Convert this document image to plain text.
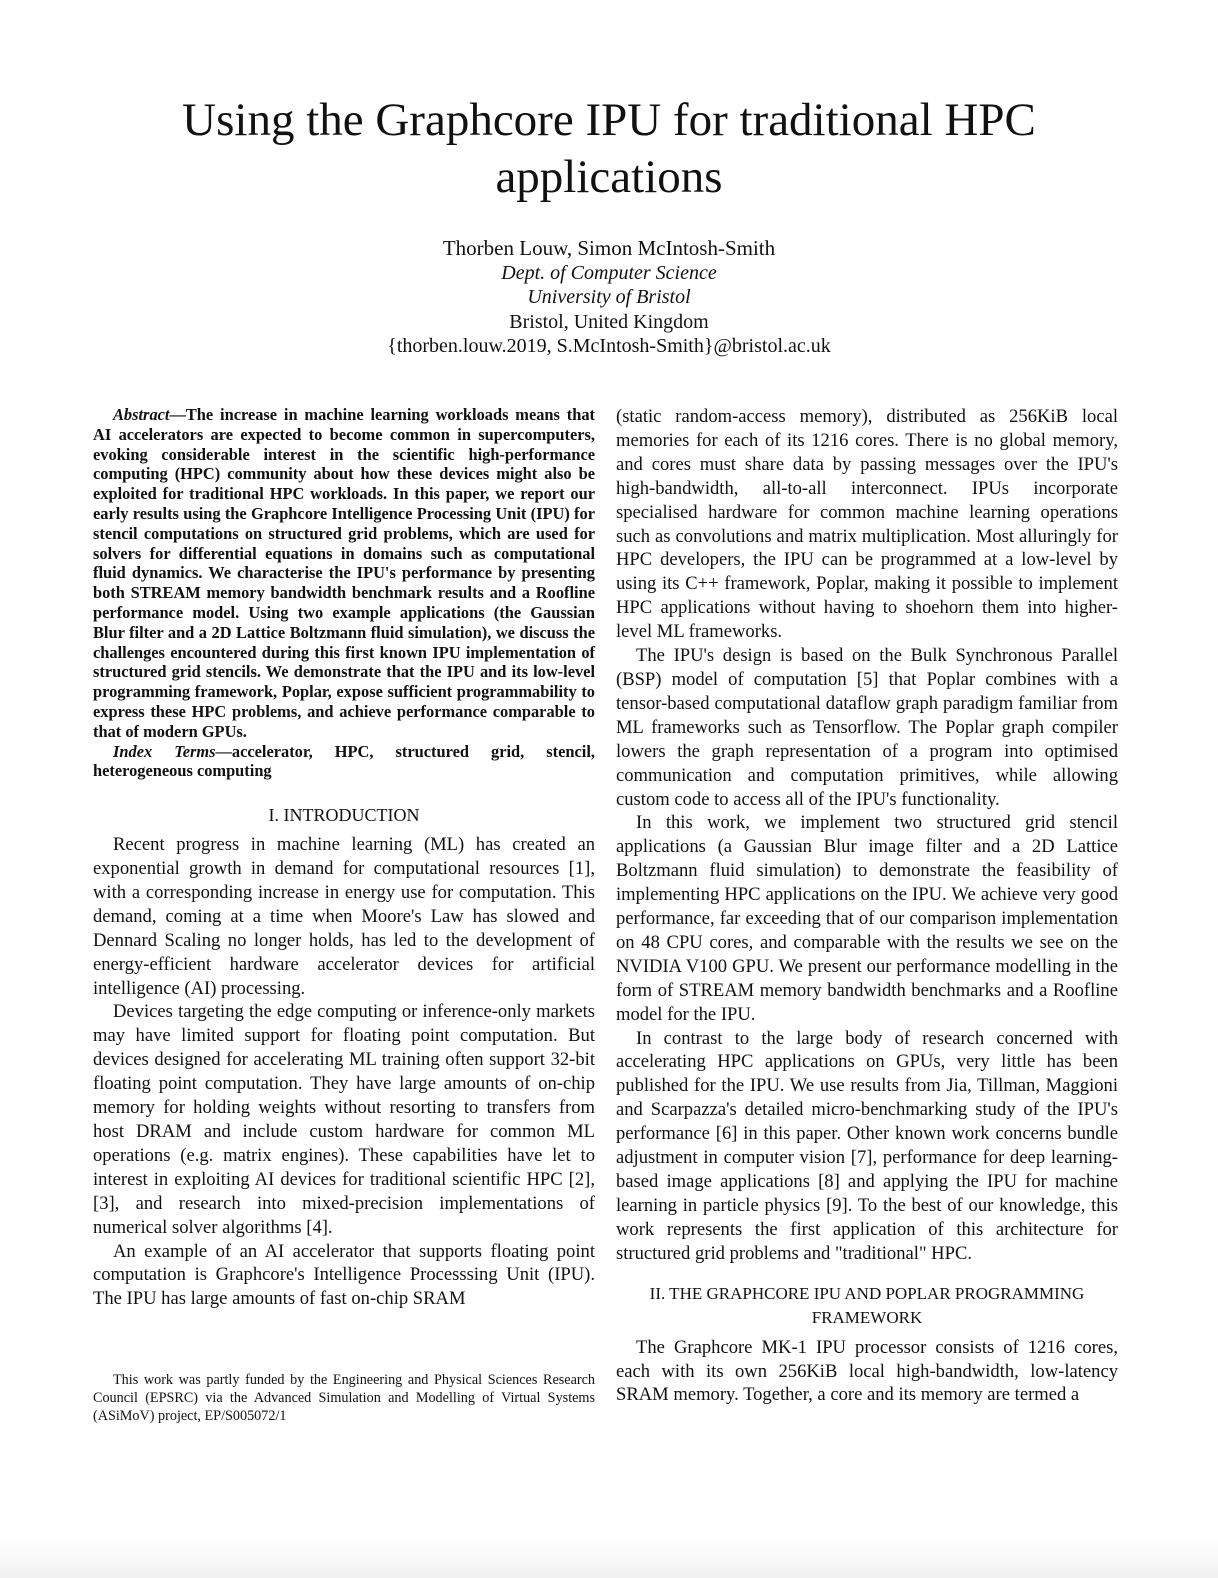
Using the Graphcore IPU for traditional HPC applications
Thorben Louw, Simon McIntosh-Smith
Dept. of Computer Science
University of Bristol
Bristol, United Kingdom
{thorben.louw.2019, S.McIntosh-Smith}@bristol.ac.uk

Abstract—The increase in machine learning workloads means that AI accelerators are expected to become common in supercomputers, evoking considerable interest in the scientific high-performance computing (HPC) community about how these devices might also be exploited for traditional HPC workloads. In this paper, we report our early results using the Graphcore Intelligence Processing Unit (IPU) for stencil computations on structured grid problems, which are used for solvers for differential equations in domains such as computational fluid dynamics. We characterise the IPU's performance by presenting both STREAM memory bandwidth benchmark results and a Roofline performance model. Using two example applications (the Gaussian Blur filter and a 2D Lattice Boltzmann fluid simulation), we discuss the challenges encountered during this first known IPU implementation of structured grid stencils. We demonstrate that the IPU and its low-level programming framework, Poplar, expose sufficient programmability to express these HPC problems, and achieve performance comparable to that of modern GPUs.

Index Terms—accelerator, HPC, structured grid, stencil, heterogeneous computing

I. INTRODUCTION

Recent progress in machine learning (ML) has created an exponential growth in demand for computational resources [1], with a corresponding increase in energy use for computation. This demand, coming at a time when Moore's Law has slowed and Dennard Scaling no longer holds, has led to the development of energy-efficient hardware accelerator devices for artificial intelligence (AI) processing.

Devices targeting the edge computing or inference-only markets may have limited support for floating point computation. But devices designed for accelerating ML training often support 32-bit floating point computation. They have large amounts of on-chip memory for holding weights without resorting to transfers from host DRAM and include custom hardware for common ML operations (e.g. matrix engines). These capabilities have let to interest in exploiting AI devices for traditional scientific HPC [2], [3], and research into mixed-precision implementations of numerical solver algorithms [4].

An example of an AI accelerator that supports floating point computation is Graphcore's Intelligence Processsing Unit (IPU). The IPU has large amounts of fast on-chip SRAM

(static random-access memory), distributed as 256KiB local memories for each of its 1216 cores. There is no global memory, and cores must share data by passing messages over the IPU's high-bandwidth, all-to-all interconnect. IPUs incorporate specialised hardware for common machine learning operations such as convolutions and matrix multiplication. Most alluringly for HPC developers, the IPU can be programmed at a low-level by using its C++ framework, Poplar, making it possible to implement HPC applications without having to shoehorn them into higher-level ML frameworks.

The IPU's design is based on the Bulk Synchronous Parallel (BSP) model of computation [5] that Poplar combines with a tensor-based computational dataflow graph paradigm familiar from ML frameworks such as Tensorflow. The Poplar graph compiler lowers the graph representation of a program into optimised communication and computation primitives, while allowing custom code to access all of the IPU's functionality.

In this work, we implement two structured grid stencil applications (a Gaussian Blur image filter and a 2D Lattice Boltzmann fluid simulation) to demonstrate the feasibility of implementing HPC applications on the IPU. We achieve very good performance, far exceeding that of our comparison implementation on 48 CPU cores, and comparable with the results we see on the NVIDIA V100 GPU. We present our performance modelling in the form of STREAM memory bandwidth benchmarks and a Roofline model for the IPU.

In contrast to the large body of research concerned with accelerating HPC applications on GPUs, very little has been published for the IPU. We use results from Jia, Tillman, Maggioni and Scarpazza's detailed micro-benchmarking study of the IPU's performance [6] in this paper. Other known work concerns bundle adjustment in computer vision [7], performance for deep learning-based image applications [8] and applying the IPU for machine learning in particle physics [9]. To the best of our knowledge, this work represents the first application of this architecture for structured grid problems and "traditional" HPC.

II. THE GRAPHCORE IPU AND POPLAR PROGRAMMING FRAMEWORK

The Graphcore MK-1 IPU processor consists of 1216 cores, each with its own 256KiB local high-bandwidth, low-latency SRAM memory. Together, a core and its memory are termed a

This work was partly funded by the Engineering and Physical Sciences Research Council (EPSRC) via the Advanced Simulation and Modelling of Virtual Systems (ASiMoV) project, EP/S005072/1
